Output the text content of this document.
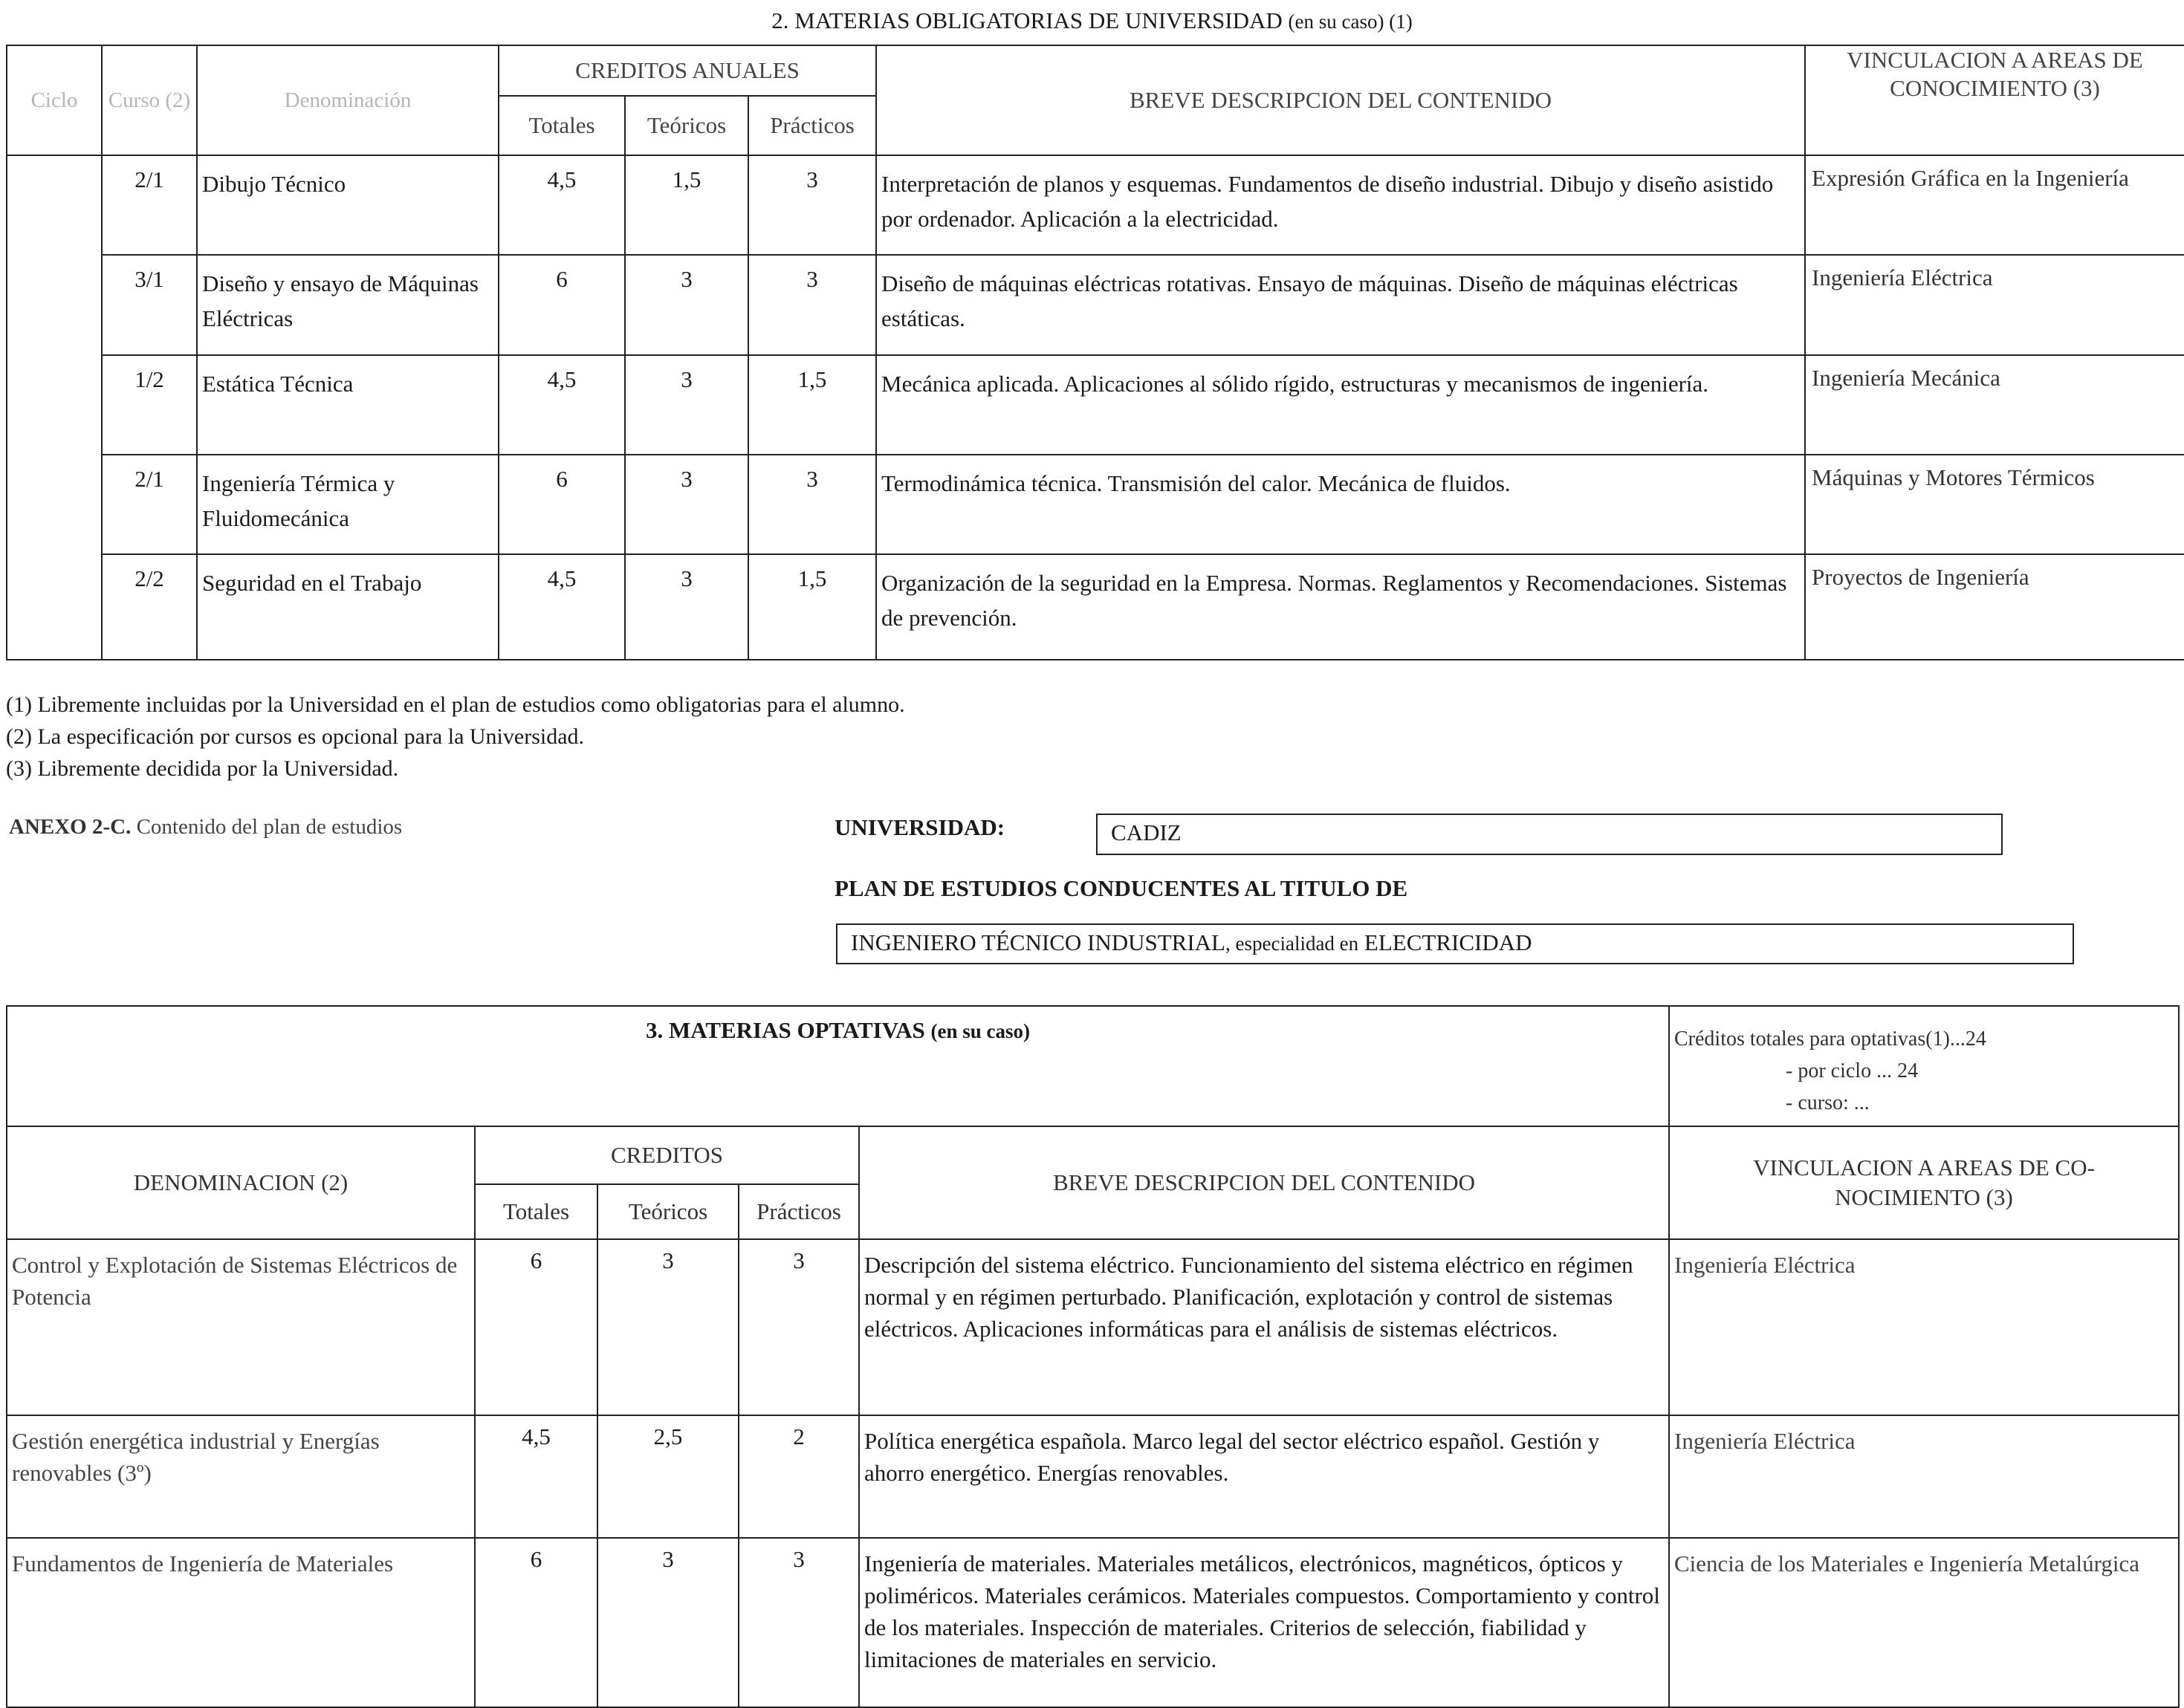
2. MATERIAS OBLIGATORIAS DE UNIVERSIDAD (en su caso) (1)
Ciclo	Curso (2)	Denominación	CREDITOS ANUALES			BREVE DESCRIPCION DEL CONTENIDO	VINCULACION A AREAS DE CONOCIMIENTO (3)
			Totales	Teóricos	Prácticos		
	2/1	Dibujo Técnico	4,5	1,5	3	Interpretación de planos y esquemas. Fundamentos de diseño industrial. Dibujo y diseño asistido por ordenador. Aplicación a la electricidad.	Expresión Gráfica en la Ingeniería
	3/1	Diseño y ensayo de Máquinas Eléctricas	6	3	3	Diseño de máquinas eléctricas rotativas. Ensayo de máquinas. Diseño de máquinas eléctricas estáticas.	Ingeniería Eléctrica
	1/2	Estática Técnica	4,5	3	1,5	Mecánica aplicada. Aplicaciones al sólido rígido, estructuras y mecanismos de ingeniería.	Ingeniería Mecánica
	2/1	Ingeniería Térmica y Fluidomecánica	6	3	3	Termodinámica técnica. Transmisión del calor. Mecánica de fluidos.	Máquinas y Motores Térmicos
	2/2	Seguridad en el Trabajo	4,5	3	1,5	Organización de la seguridad en la Empresa. Normas. Reglamentos y Recomendaciones. Sistemas de prevención.	Proyectos de Ingeniería
(1) Libremente incluidas por la Universidad en el plan de estudios como obligatorias para el alumno.
(2) La especificación por cursos es opcional para la Universidad.
(3) Libremente decidida por la Universidad.
ANEXO 2-C. Contenido del plan de estudios	UNIVERSIDAD:	CADIZ
PLAN DE ESTUDIOS CONDUCENTES AL TITULO DE
INGENIERO TÉCNICO INDUSTRIAL, especialidad en ELECTRICIDAD
3. MATERIAS OPTATIVAS (en su caso)					Créditos totales para optativas(1)...24
- por ciclo ... 24
- curso: ...

DENOMINACION (2)	CREDITOS			BREVE DESCRIPCION DEL CONTENIDO	VINCULACION A AREAS DE CO- NOCIMIENTO (3)
	Totales	Teóricos	Prácticos		
Control y Explotación de Sistemas Eléctricos de Potencia	6	3	3	Descripción del sistema eléctrico. Funcionamiento del sistema eléctrico en régimen normal y en régimen perturbado. Planificación, explotación y control de sistemas eléctricos. Aplicaciones informáticas para el análisis de sistemas eléctricos.	Ingeniería Eléctrica
Gestión energética industrial y Energías renovables (3º)	4,5	2,5	2	Política energética española. Marco legal del sector eléctrico español. Gestión y ahorro energético. Energías renovables.	Ingeniería Eléctrica
Fundamentos de Ingeniería de Materiales	6	3	3	Ingeniería de materiales. Materiales metálicos, electrónicos, magnéticos, ópticos y poliméricos. Materiales cerámicos. Materiales compuestos. Comportamiento y control de los materiales. Inspección de materiales. Criterios de selección, fiabilidad y limitaciones de materiales en servicio.	Ciencia de los Materiales e Ingeniería Metalúrgica
